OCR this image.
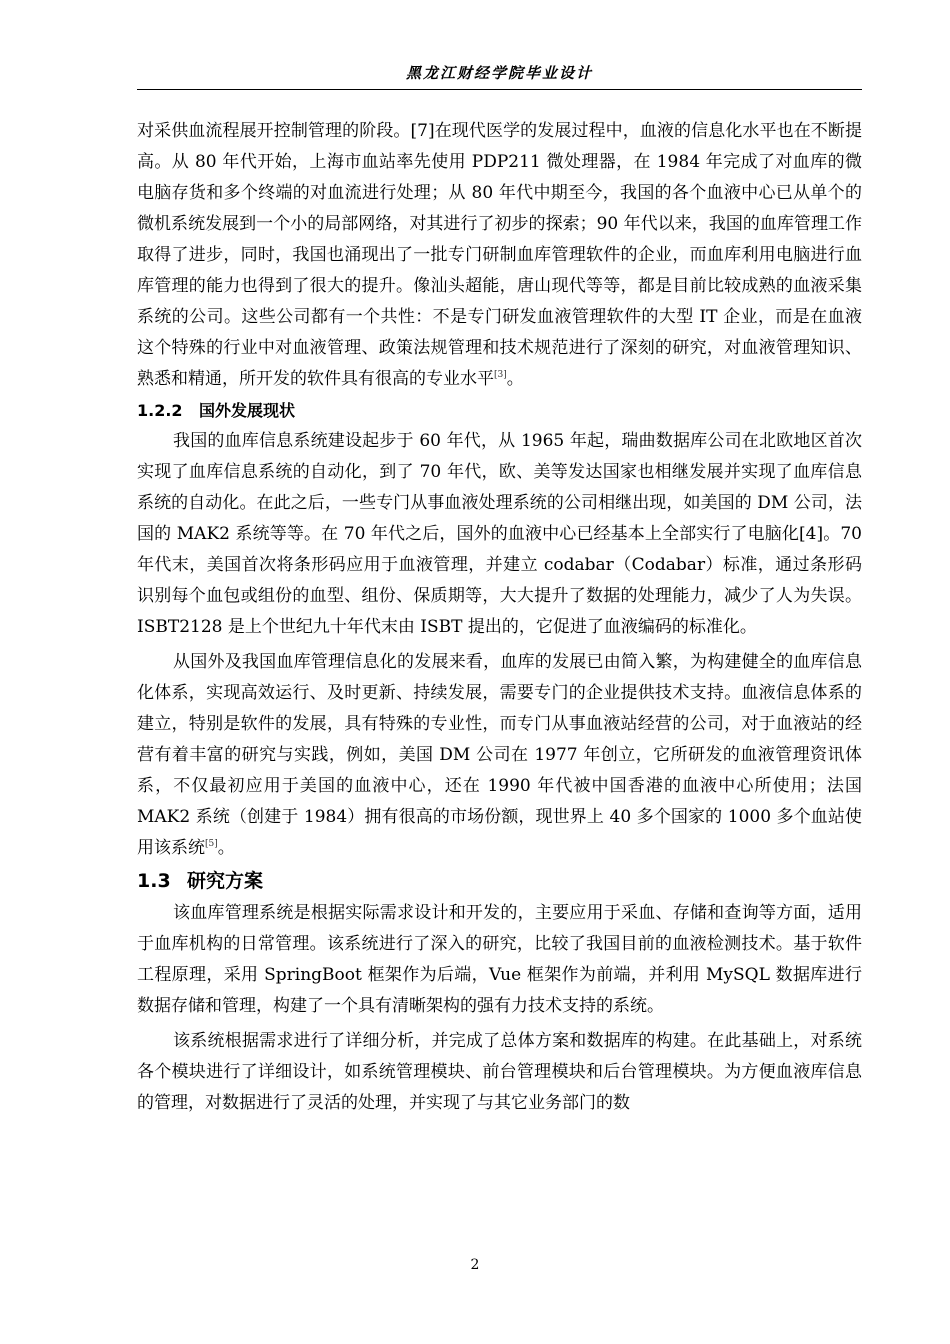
黑龙江财经学院毕业设计

对采供血流程展开控制管理的阶段。[7]在现代医学的发展过程中，血液的信息化水平也在不断提高。从 80 年代开始，上海市血站率先使用 PDP211 微处理器，在 1984 年完成了对血库的微电脑存货和多个终端的对血流进行处理；从 80 年代中期至今，我国的各个血液中心已从单个的微机系统发展到一个小的局部网络，对其进行了初步的探索；90 年代以来，我国的血库管理工作取得了进步，同时，我国也涌现出了一批专门研制血库管理软件的企业，而血库利用电脑进行血库管理的能力也得到了很大的提升。像汕头超能，唐山现代等等，都是目前比较成熟的血液采集系统的公司。这些公司都有一个共性：不是专门研发血液管理软件的大型 IT 企业，而是在血液这个特殊的行业中对血液管理、政策法规管理和技术规范进行了深刻的研究，对血液管理知识、熟悉和精通，所开发的软件具有很高的专业水平[3]。

1.2.2 国外发展现状

我国的血库信息系统建设起步于 60 年代，从 1965 年起，瑞曲数据库公司在北欧地区首次实现了血库信息系统的自动化，到了 70 年代，欧、美等发达国家也相继发展并实现了血库信息系统的自动化。在此之后，一些专门从事血液处理系统的公司相继出现，如美国的 DM 公司，法国的 MAK2 系统等等。在 70 年代之后，国外的血液中心已经基本上全部实行了电脑化[4]。70 年代末，美国首次将条形码应用于血液管理，并建立 codabar（Codabar）标准，通过条形码识别每个血包或组份的血型、组份、保质期等，大大提升了数据的处理能力，减少了人为失误。ISBT2128 是上个世纪九十年代末由 ISBT 提出的，它促进了血液编码的标准化。

从国外及我国血库管理信息化的发展来看，血库的发展已由简入繁，为构建健全的血库信息化体系，实现高效运行、及时更新、持续发展，需要专门的企业提供技术支持。血液信息体系的建立，特别是软件的发展，具有特殊的专业性，而专门从事血液站经营的公司，对于血液站的经营有着丰富的研究与实践，例如，美国 DM 公司在 1977 年创立，它所研发的血液管理资讯体系，不仅最初应用于美国的血液中心，还在 1990 年代被中国香港的血液中心所使用；法国 MAK2 系统（创建于 1984）拥有很高的市场份额，现世界上 40 多个国家的 1000 多个血站使用该系统[5]。

1.3 研究方案

该血库管理系统是根据实际需求设计和开发的，主要应用于采血、存储和查询等方面，适用于血库机构的日常管理。该系统进行了深入的研究，比较了我国目前的血液检测技术。基于软件工程原理，采用 SpringBoot 框架作为后端，Vue 框架作为前端，并利用 MySQL 数据库进行数据存储和管理，构建了一个具有清晰架构的强有力技术支持的系统。

该系统根据需求进行了详细分析，并完成了总体方案和数据库的构建。在此基础上，对系统各个模块进行了详细设计，如系统管理模块、前台管理模块和后台管理模块。为方便血液库信息的管理，对数据进行了灵活的处理，并实现了与其它业务部门的数

2
